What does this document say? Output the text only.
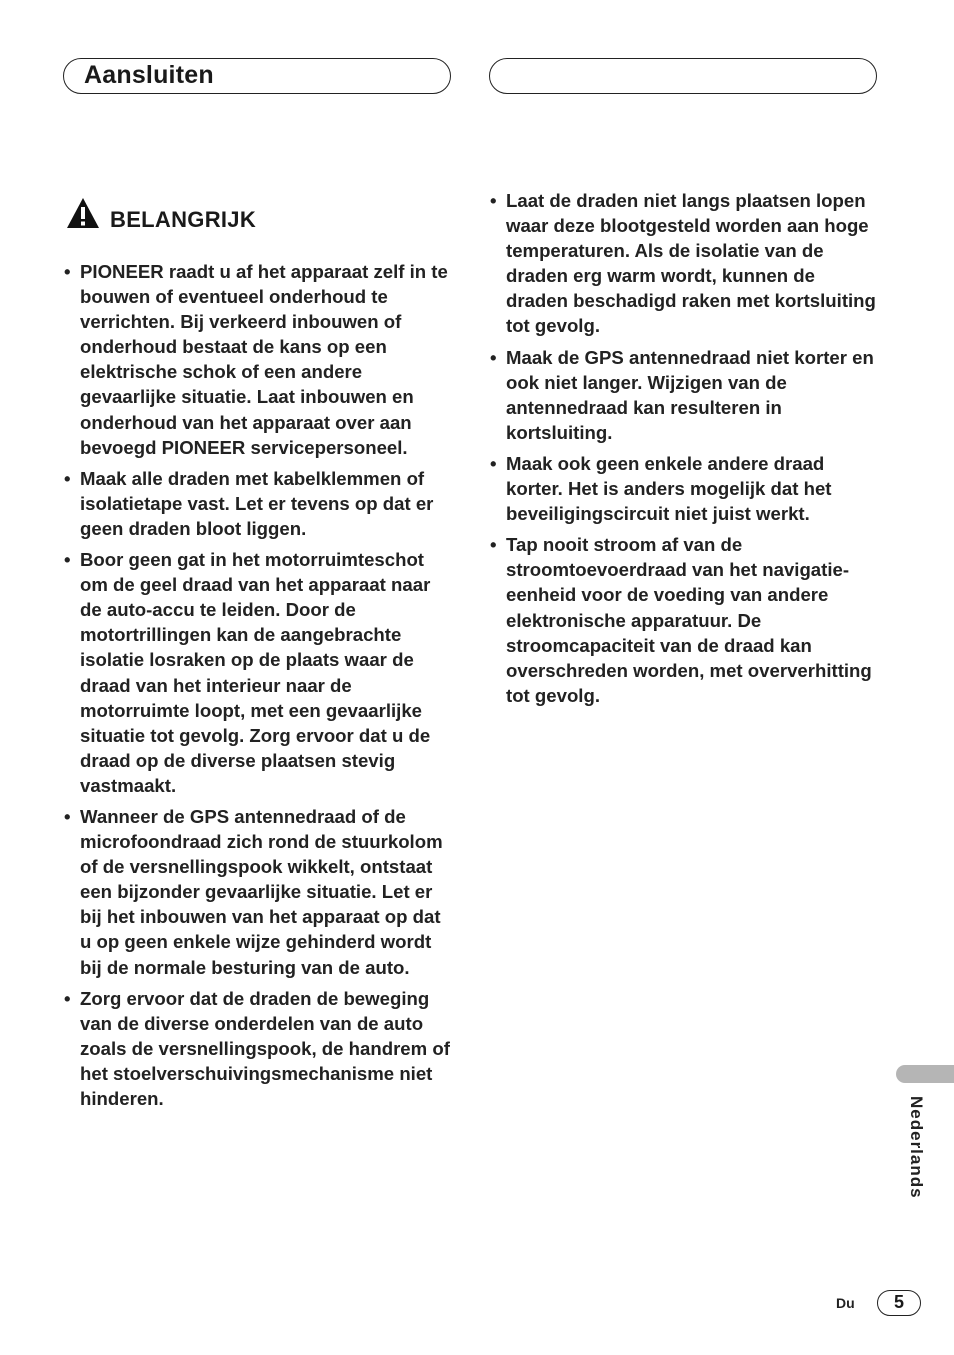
Aansluiten
BELANGRIJK
• PIONEER raadt u af het apparaat zelf in te bouwen of eventueel onderhoud te verrichten. Bij verkeerd inbouwen of onderhoud bestaat de kans op een elektrische schok of een andere gevaarlijke situatie. Laat inbouwen en onderhoud van het apparaat over aan bevoegd PIONEER servicepersoneel.
• Maak alle draden met kabelklemmen of isolatietape vast. Let er tevens op dat er geen draden bloot liggen.
• Boor geen gat in het motorruimteschot om de geel draad van het apparaat naar de auto-accu te leiden. Door de motortrillingen kan de aangebrachte isolatie losraken op de plaats waar de draad van het interieur naar de motorruimte loopt, met een gevaarlijke situatie tot gevolg. Zorg ervoor dat u de draad op de diverse plaatsen stevig vastmaakt.
• Wanneer de GPS antennedraad of de microfoondraad zich rond de stuurkolom of de versnellingspook wikkelt, ontstaat een bijzonder gevaarlijke situatie. Let er bij het inbouwen van het apparaat op dat u op geen enkele wijze gehinderd wordt bij de normale besturing van de auto.
• Zorg ervoor dat de draden de beweging van de diverse onderdelen van de auto zoals de versnellingspook, de handrem of het stoelverschuivingsmechanisme niet hinderen.
• Laat de draden niet langs plaatsen lopen waar deze blootgesteld worden aan hoge temperaturen. Als de isolatie van de draden erg warm wordt, kunnen de draden beschadigd raken met kortsluiting tot gevolg.
• Maak de GPS antennedraad niet korter en ook niet langer. Wijzigen van de antennedraad kan resulteren in kortsluiting.
• Maak ook geen enkele andere draad korter. Het is anders mogelijk dat het beveiligingscircuit niet juist werkt.
• Tap nooit stroom af van de stroomtoevoerdraad van het navigatie-eenheid voor de voeding van andere elektronische apparatuur. De stroomcapaciteit van de draad kan overschreden worden, met oververhitting tot gevolg.
Nederlands
Du	5
